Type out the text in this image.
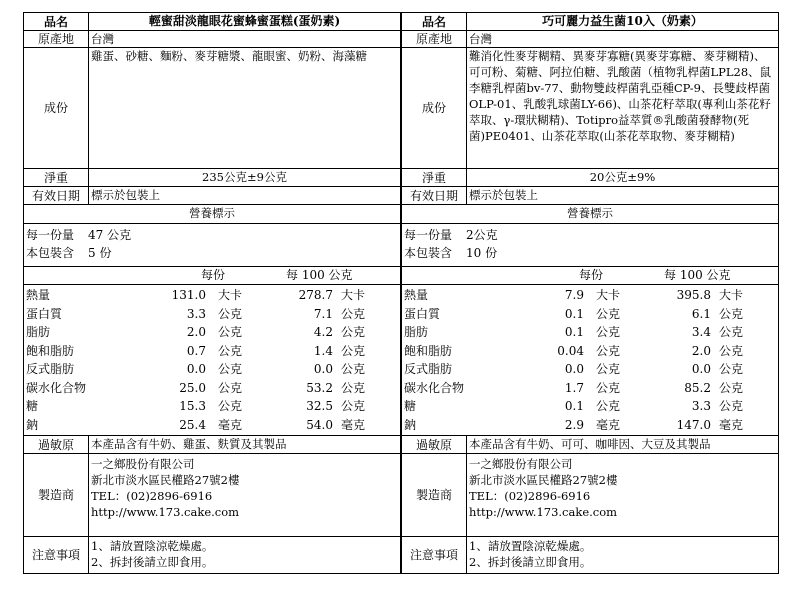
品名	輕蜜甜淡龍眼花蜜蜂蜜蛋糕(蛋奶素)
原產地	台灣
成份	雞蛋、砂糖、麵粉、麥芽糖漿、龍眼蜜、奶粉、海藻糖
淨重	235公克±9公克
有效日期	標示於包裝上
營養標示	

每一份量 47 公克
本包裝含 5 份	

每份 每 100 公克	

熱量	131.0 大卡	278.7 大卡
蛋白質	3.3 公克	7.1 公克
脂肪	2.0 公克	4.2 公克
飽和脂肪	0.7 公克	1.4 公克
反式脂肪	0.0 公克	0.0 公克
碳水化合物	25.0 公克	53.2 公克
糖	15.3 公克	32.5 公克
鈉	25.4 毫克	54.0 毫克

過敏原	本產品含有牛奶、雞蛋、麩質及其製品
製造商	一之鄉股份有限公司
新北市淡水區民權路27號2樓
TEL：(02)2896-6916
http://www.173.cake.com

注意事項	1、請放置陰涼乾燥處。
2、拆封後請立即食用。
品名	巧可麗力益生菌10入（奶素）
原產地	台灣
成份	難消化性麥芽糊精、異麥芽寡糖(異麥芽寡糖、麥芽糊精)、可可粉、菊糖、阿拉伯糖、乳酸菌（植物乳桿菌LPL28、鼠李糖乳桿菌bv-77、動物雙歧桿菌乳亞種CP-9、長雙歧桿菌OLP-01、乳酸乳球菌LY-66)、山茶花籽萃取(專利山茶花籽萃取、γ-環狀糊精)、Totipro益萃質®乳酸菌發酵物(死菌)PE0401、山茶花萃取(山茶花萃取物、麥芽糊精)
淨重	20公克±9%
有效日期	標示於包裝上
營養標示	

每一份量 2公克
本包裝含 10 份	

每份 每 100 公克	

熱量	7.9 大卡	395.8 大卡
蛋白質	0.1 公克	6.1 公克
脂肪	0.1 公克	3.4 公克
飽和脂肪	0.04 公克	2.0 公克
反式脂肪	0.0 公克	0.0 公克
碳水化合物	1.7 公克	85.2 公克
糖	0.1 公克	3.3 公克
鈉	2.9 毫克	147.0 毫克

過敏原	本產品含有牛奶、可可、咖啡因、大豆及其製品
製造商	一之鄉股份有限公司
新北市淡水區民權路27號2樓
TEL：(02)2896-6916
http://www.173.cake.com

注意事項	1、請放置陰涼乾燥處。
2、拆封後請立即食用。
